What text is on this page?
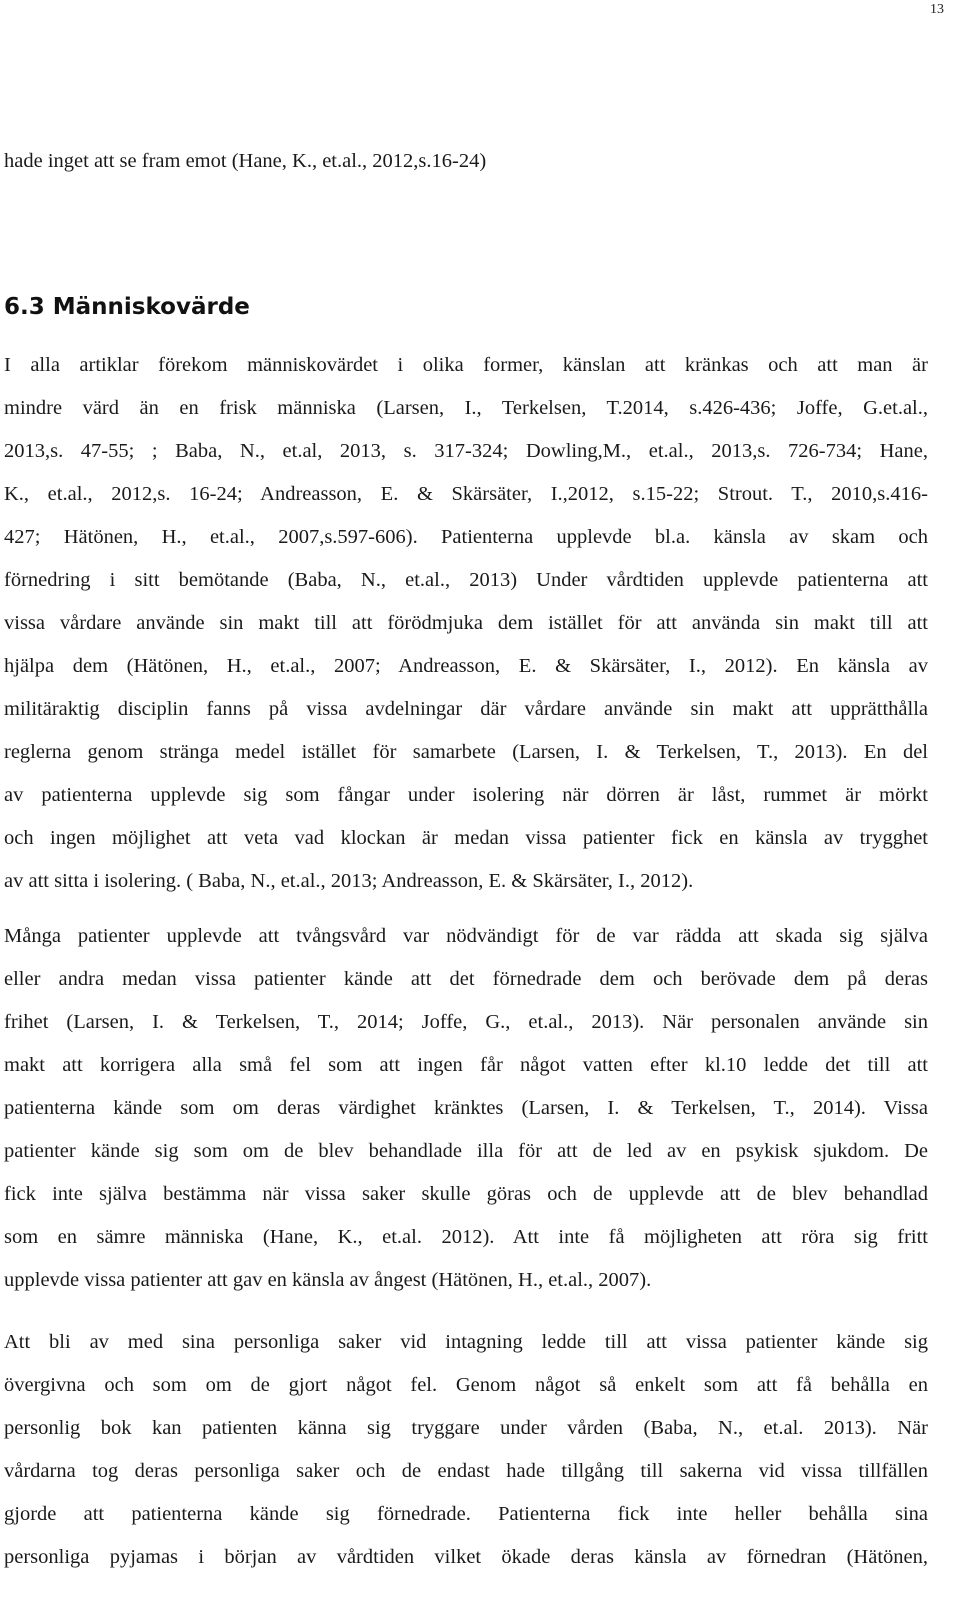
13
hade inget att se fram emot (Hane, K., et.al., 2012,s.16-24)
6.3 Människovärde
I alla artiklar förekom människovärdet i olika former, känslan att kränkas och att man är
mindre värd än en frisk människa (Larsen, I., Terkelsen, T.2014, s.426-436; Joffe, G.et.al.,
2013,s. 47-55; ; Baba, N., et.al, 2013, s. 317-324; Dowling,M., et.al., 2013,s. 726-734; Hane,
K., et.al., 2012,s. 16-24; Andreasson, E. & Skärsäter, I.,2012, s.15-22; Strout. T., 2010,s.416-
427; Hätönen, H., et.al., 2007,s.597-606). Patienterna upplevde bl.a. känsla av skam och
förnedring i sitt bemötande (Baba, N., et.al., 2013) Under vårdtiden upplevde patienterna att
vissa vårdare använde sin makt till att förödmjuka dem istället för att använda sin makt till att
hjälpa dem (Hätönen, H., et.al., 2007; Andreasson, E. & Skärsäter, I., 2012). En känsla av
militäraktig disciplin fanns på vissa avdelningar där vårdare använde sin makt att upprätthålla
reglerna genom stränga medel istället för samarbete (Larsen, I. & Terkelsen, T., 2013). En del
av patienterna upplevde sig som fångar under isolering när dörren är låst, rummet är mörkt
och ingen möjlighet att veta vad klockan är medan vissa patienter fick en känsla av trygghet
av att sitta i isolering. ( Baba, N., et.al., 2013; Andreasson, E. & Skärsäter, I., 2012).
Många patienter upplevde att tvångsvård var nödvändigt för de var rädda att skada sig själva
eller andra medan vissa patienter kände att det förnedrade dem och berövade dem på deras
frihet (Larsen, I. & Terkelsen, T., 2014; Joffe, G., et.al., 2013). När personalen använde sin
makt att korrigera alla små fel som att ingen får något vatten efter kl.10 ledde det till att
patienterna kände som om deras värdighet kränktes (Larsen, I. & Terkelsen, T., 2014). Vissa
patienter kände sig som om de blev behandlade illa för att de led av en psykisk sjukdom. De
fick inte själva bestämma när vissa saker skulle göras och de upplevde att de blev behandlad
som en sämre människa (Hane, K., et.al. 2012). Att inte få möjligheten att röra sig fritt
upplevde vissa patienter att gav en känsla av ångest (Hätönen, H., et.al., 2007).
Att bli av med sina personliga saker vid intagning ledde till att vissa patienter kände sig
övergivna och som om de gjort något fel. Genom något så enkelt som att få behålla en
personlig bok kan patienten känna sig tryggare under vården (Baba, N., et.al. 2013). När
vårdarna tog deras personliga saker och de endast hade tillgång till sakerna vid vissa tillfällen
gjorde att patienterna kände sig förnedrade. Patienterna fick inte heller behålla sina
personliga pyjamas i början av vårdtiden vilket ökade deras känsla av förnedran (Hätönen,
